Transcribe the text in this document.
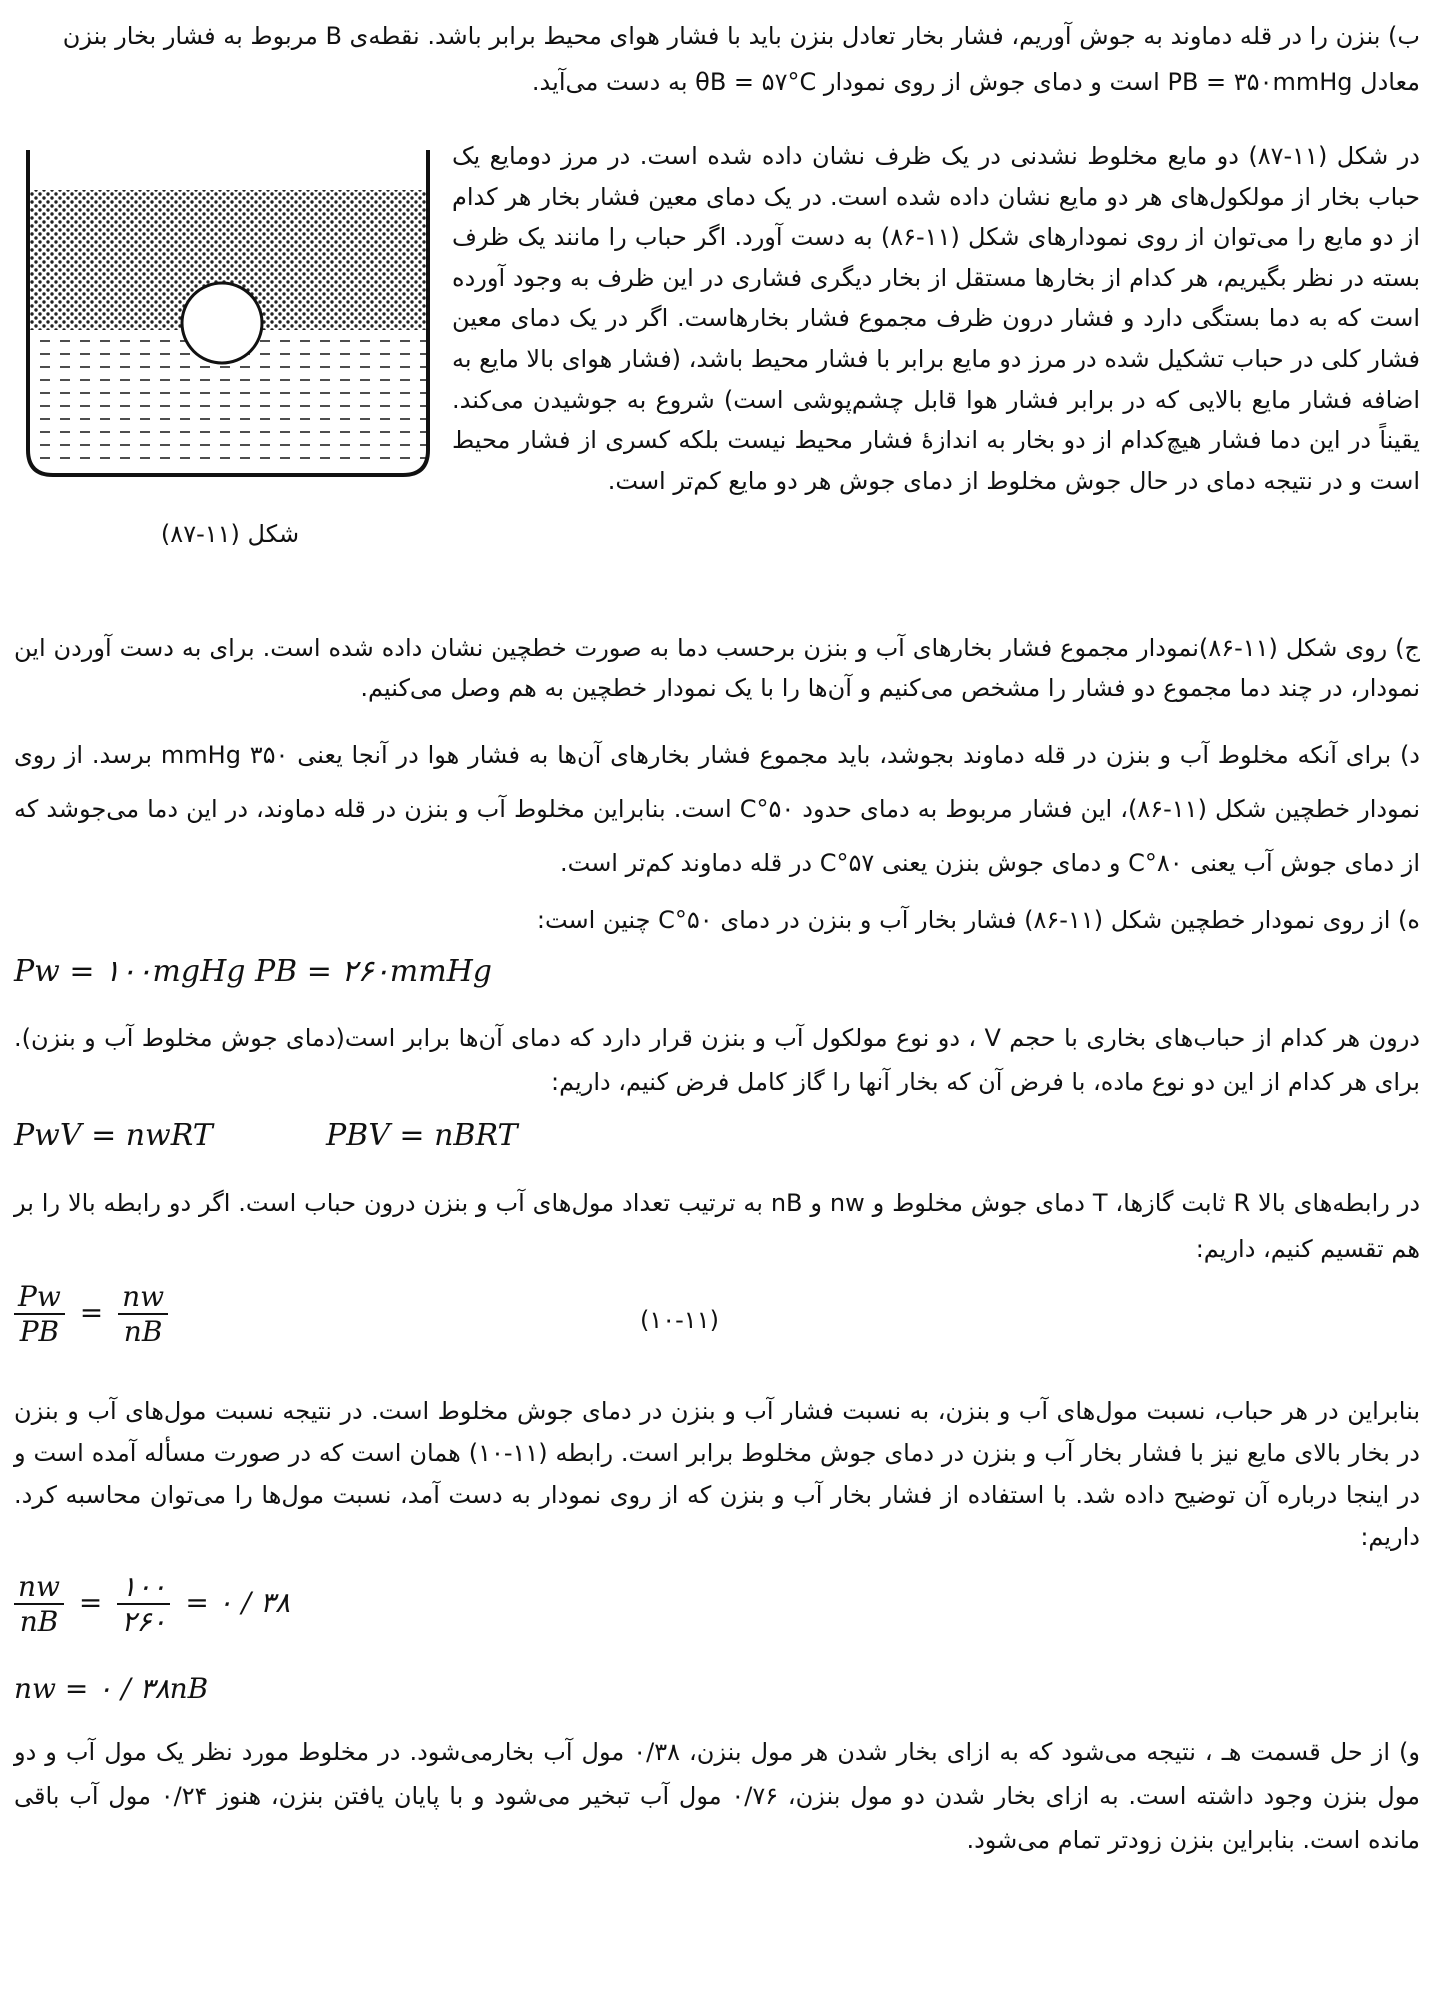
ب) بنزن را در قله دماوند به جوش آوریم، فشار بخار تعادل بنزن باید با فشار هوای محیط برابر باشد. نقطه‌ی B مربوط به فشار بخار بنزن
معادل PB = ۳۵۰mmHg است و دمای جوش از روی نمودار θB = ۵۷°C به دست می‌آید.
شکل (۱۱-۸۷)
در شکل (۱۱-۸۷) دو مایع مخلوط نشدنی در یک ظرف نشان داده شده است. در مرز دومایع یک حباب بخار از مولکول‌های هر دو مایع نشان داده شده است. در یک دمای معین فشار بخار هر کدام از دو مایع را می‌توان از روی نمودارهای شکل (۱۱-۸۶) به دست آورد. اگر حباب را مانند یک ظرف بسته در نظر بگیریم، هر کدام از بخارها مستقل از بخار دیگری فشاری در این ظرف به وجود آورده است که به دما بستگی دارد و فشار درون ظرف مجموع فشار بخارهاست. اگر در یک دمای معین فشار کلی در حباب تشکیل شده در مرز دو مایع برابر با فشار محیط باشد، (فشار هوای بالا مایع به اضافه فشار مایع بالایی که در برابر فشار هوا قابل چشم‌پوشی است) شروع به جوشیدن می‌کند. یقیناً در این دما فشار هیچ‌کدام از دو بخار به اندازهٔ فشار محیط نیست بلکه کسری از فشار محیط است و در نتیجه دمای در حال جوش مخلوط از دمای جوش هر دو مایع کم‌تر است.
ج) روی شکل (۱۱-۸۶)نمودار مجموع فشار بخارهای آب و بنزن برحسب دما به صورت خطچین نشان داده شده است. برای به دست آوردن این نمودار، در چند دما مجموع دو فشار را مشخص می‌کنیم و آن‌ها را با یک نمودار خطچین به هم وصل می‌کنیم.
د) برای آنکه مخلوط آب و بنزن در قله دماوند بجوشد، باید مجموع فشار بخارهای آن‌ها به فشار هوا در آنجا یعنی ۳۵۰ mmHg برسد. از روی نمودار خطچین شکل (۱۱-۸۶)، این فشار مربوط به دمای حدود ۵۰°C است. بنابراین مخلوط آب و بنزن در قله دماوند، در این دما می‌جوشد که از دمای جوش آب یعنی ۸۰°C و دمای جوش بنزن یعنی ۵۷°C در قله دماوند کم‌تر است.
ه) از روی نمودار خطچین شکل (۱۱-۸۶) فشار بخار آب و بنزن در دمای ۵۰°C چنین است:
Pw = ۱۰۰mgHg PB = ۲۶۰mmHg
درون هر کدام از حباب‌های بخاری با حجم V ، دو نوع مولکول آب و بنزن قرار دارد که دمای آن‌ها برابر است(دمای جوش مخلوط آب و بنزن). برای هر کدام از این دو نوع ماده، با فرض آن که بخار آنها را گاز کامل فرض کنیم، داریم:
PwV = nwRT	PBV = nBRT
در رابطه‌های بالا R ثابت گازها، T دمای جوش مخلوط و nw و nB به ترتیب تعداد مول‌های آب و بنزن درون حباب است. اگر دو رابطه بالا را بر هم تقسیم کنیم، داریم:
$\frac{Pw}{PB} = \frac{nw}{nB}$	(۱۰-۱۱)
بنابراین در هر حباب، نسبت مول‌های آب و بنزن، به نسبت فشار آب و بنزن در دمای جوش مخلوط است. در نتیجه نسبت مول‌های آب و بنزن در بخار بالای مایع نیز با فشار بخار آب و بنزن در دمای جوش مخلوط برابر است. رابطه (۱۱-۱۰) همان است که در صورت مسأله آمده است و در اینجا درباره آن توضیح داده شد. با استفاده از فشار بخار آب و بنزن که از روی نمودار به دست آمد، نسبت مول‌ها را می‌توان محاسبه کرد. داریم:
$\frac{nw}{nB} = \frac{۱۰۰}{۲۶۰}$ = ۰ / ۳۸
nw = ۰ / ۳۸nB
و) از حل قسمت هـ ، نتیجه می‌شود که به ازای بخار شدن هر مول بنزن، ۰/۳۸ مول آب بخارمی‌شود. در مخلوط مورد نظر یک مول آب و دو مول بنزن وجود داشته است. به ازای بخار شدن دو مول بنزن، ۰/۷۶ مول آب تبخیر می‌شود و با پایان یافتن بنزن، هنوز ۰/۲۴ مول آب باقی مانده است. بنابراین بنزن زودتر تمام می‌شود.
